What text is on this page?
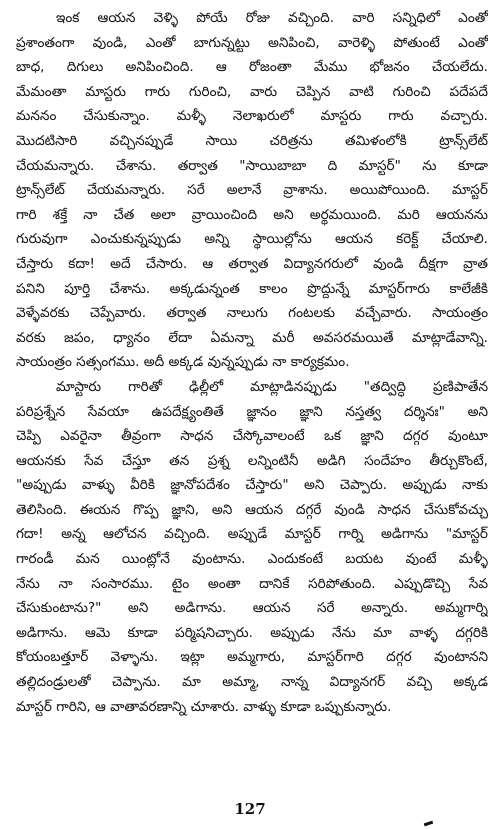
ఇంక ఆయన వెళ్ళి పోయే రోజు వచ్చింది. వారి సన్నిధిలో ఎంతో
ప్రశాంతంగా వుండి, ఎంతో బాగున్నట్టు అనిపించి, వారెళ్ళి పోతుంటే ఎంతో
బాధ, దిగులు అనిపించింది. ఆ రోజంతా మేము భోజనం చేయలేదు.
మేమంతా మాస్టరు గారు గురించి, వారు చెప్పిన వాటి గురించి పదేపదే
మననం చేసుకున్నాం. మళ్ళీ నెలాఖరులో మాస్టరు గారు వచ్చారు.
మొదటిసారి వచ్చినప్పుడే సాయి చరిత్రను తమిళంలోకి ట్రాన్స్‌లేట్
చేయమన్నారు. చేశాను. తర్వాత "సాయిబాబా ది మాస్టర్" ను కూడా
ట్రాన్స్‌లేట్ చేయమన్నారు. సరే అలానే వ్రాశాను. అయిపోయింది. మాస్టర్
గారి శక్తే నా చేత అలా వ్రాయించింది అని అర్థమయింది. మరి ఆయనను
గురువుగా ఎంచుకున్నప్పుడు అన్ని స్థాయిల్లోను ఆయన కరెక్ట్ చేయాలి.
చేస్తారు కదా! అదే చేసారు. ఆ తర్వాత విద్యానగరులో వుండి దీక్షగా వ్రాత
పనిని పూర్తి చేశాను. అక్కడున్నంత కాలం ప్రొద్దున్నే మాస్టర్‌గారు కాలేజీకి
వెళ్ళేవరకు చెప్పేవారు. తర్వాత నాలుగు గంటలకు వచ్చేవారు. సాయంత్రం
వరకు జపం, ధ్యానం లేదా ఏమన్నా మరీ అవసరమయితే మాట్లాడేవాన్ని.
సాయంత్రం సత్సంగము. అదీ అక్కడ వున్నప్పుడు నా కార్యక్రమం.
మాస్టారు గారితో ఢిల్లీలో మాట్లాడినప్పుడు "తద్విద్ధి ప్రణిపాతేన
పరిప్రశ్నేన సేవయా ఉపదేక్ష్యంతితే జ్ఞానం జ్ఞాని నస్తత్వ దర్శినః" అని
చెప్పి ఎవరైనా తీవ్రంగా సాధన చేస్కోవాలంటే ఒక జ్ఞాని దగ్గర వుంటూ
ఆయనకు సేవ చేస్తూ తన ప్రశ్న లన్నింటినీ అడిగి సందేహం తీర్చుకొంటే,
"అప్పుడు వాళ్ళు వీరికి జ్ఞానోపదేశం చేస్తారు" అని చెప్పారు. అప్పుడు నాకు
తెలిసింది. ఈయన గొప్ప జ్ఞాని, అని ఆయన దగ్గరే వుండి సాధన చేసుకోవచ్చు
గదా! అన్న ఆలోచన వచ్చింది. అప్పుడే మాస్టర్ గార్ని అడిగాను "మాస్టర్
గారండీ మన యింట్లోనే వుంటాను. ఎందుకంటే బయట వుంటే మళ్ళీ
నేను నా సంసారము. టైం అంతా దానికే సరిపోతుంది. ఎప్పుడొచ్చి సేవ
చేసుకుంటాను?" అని అడిగాను. ఆయన సరే అన్నారు. అమ్మగార్ని
అడిగాను. ఆమె కూడా పర్మిషనిచ్చారు. అప్పుడు నేను మా వాళ్ళ దగ్గరికి
కోయంబత్తూర్ వెళ్ళాను. ఇట్లా అమ్మగారు, మాస్టర్‌గారి దగ్గర వుంటానని
తల్లిదండ్రులతో చెప్పాను. మా అమ్మా, నాన్న విద్యానగర్ వచ్చి అక్కడ
మాస్టర్ గారిని, ఆ వాతావరణాన్ని చూశారు. వాళ్ళు కూడా ఒప్పుకున్నారు.
127
